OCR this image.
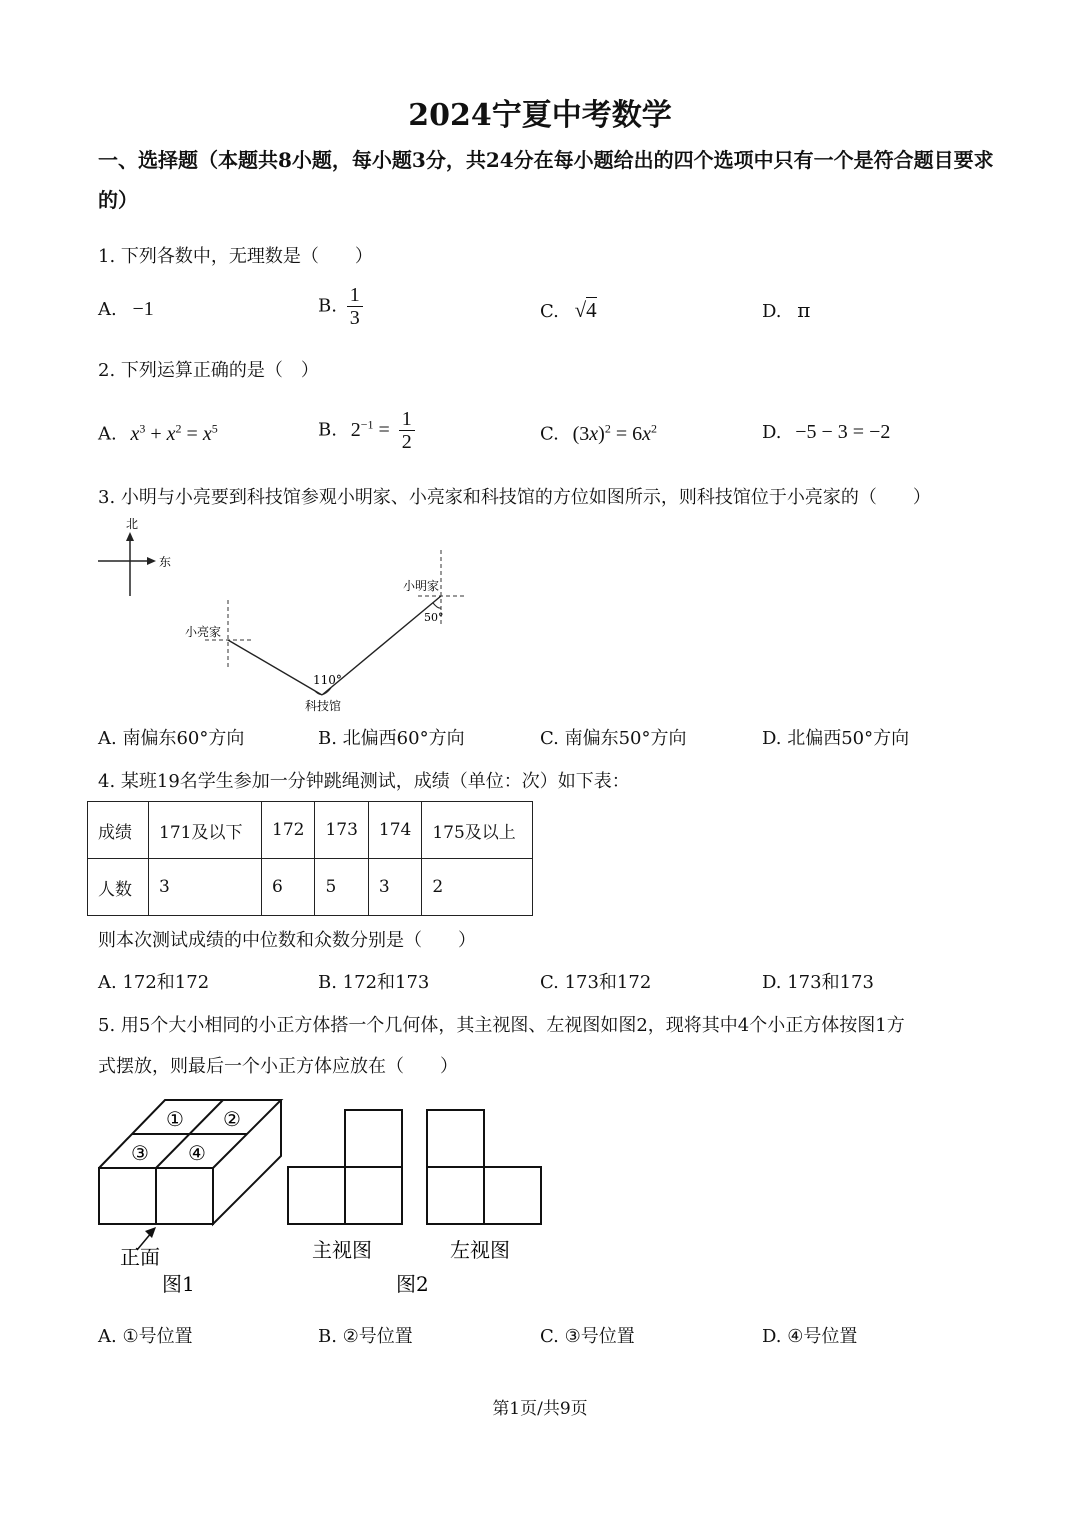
2024宁夏中考数学
一、选择题（本题共8小题，每小题3分，共24分在每小题给出的四个选项中只有一个是符合题目要求的）
1. 下列各数中，无理数是（　　）
A. −1	B. $\frac{1}{3}$	C. √4	D. π
2. 下列运算正确的是（　）
A. $x^3 + x^2 = x^5$	B. $2^{-1} = \frac{1}{2}$	C. $(3x)^2 = 6x^2$	D. −5 − 3 = −2
3. 小明与小亮要到科技馆参观小明家、小亮家和科技馆的方位如图所示，则科技馆位于小亮家的（　　）
北
东
小亮家
小明家
科技馆
110°
50°
A. 南偏东60°方向	B. 北偏西60°方向	C. 南偏东50°方向	D. 北偏西50°方向
4. 某班19名学生参加一分钟跳绳测试，成绩（单位：次）如下表：
成绩	171及以下	172	173	174	175及以上
人数	3	6	5	3	2
则本次测试成绩的中位数和众数分别是（　　）
A. 172和172	B. 172和173	C. 173和172	D. 173和173
5. 用5个大小相同的小正方体搭一个几何体，其主视图、左视图如图2，现将其中4个小正方体按图1方
式摆放，则最后一个小正方体应放在（　　）
① ②
③ ④
正面
图1
主视图	左视图
图2
A. ①号位置	B. ②号位置	C. ③号位置	D. ④号位置
第1页/共9页
